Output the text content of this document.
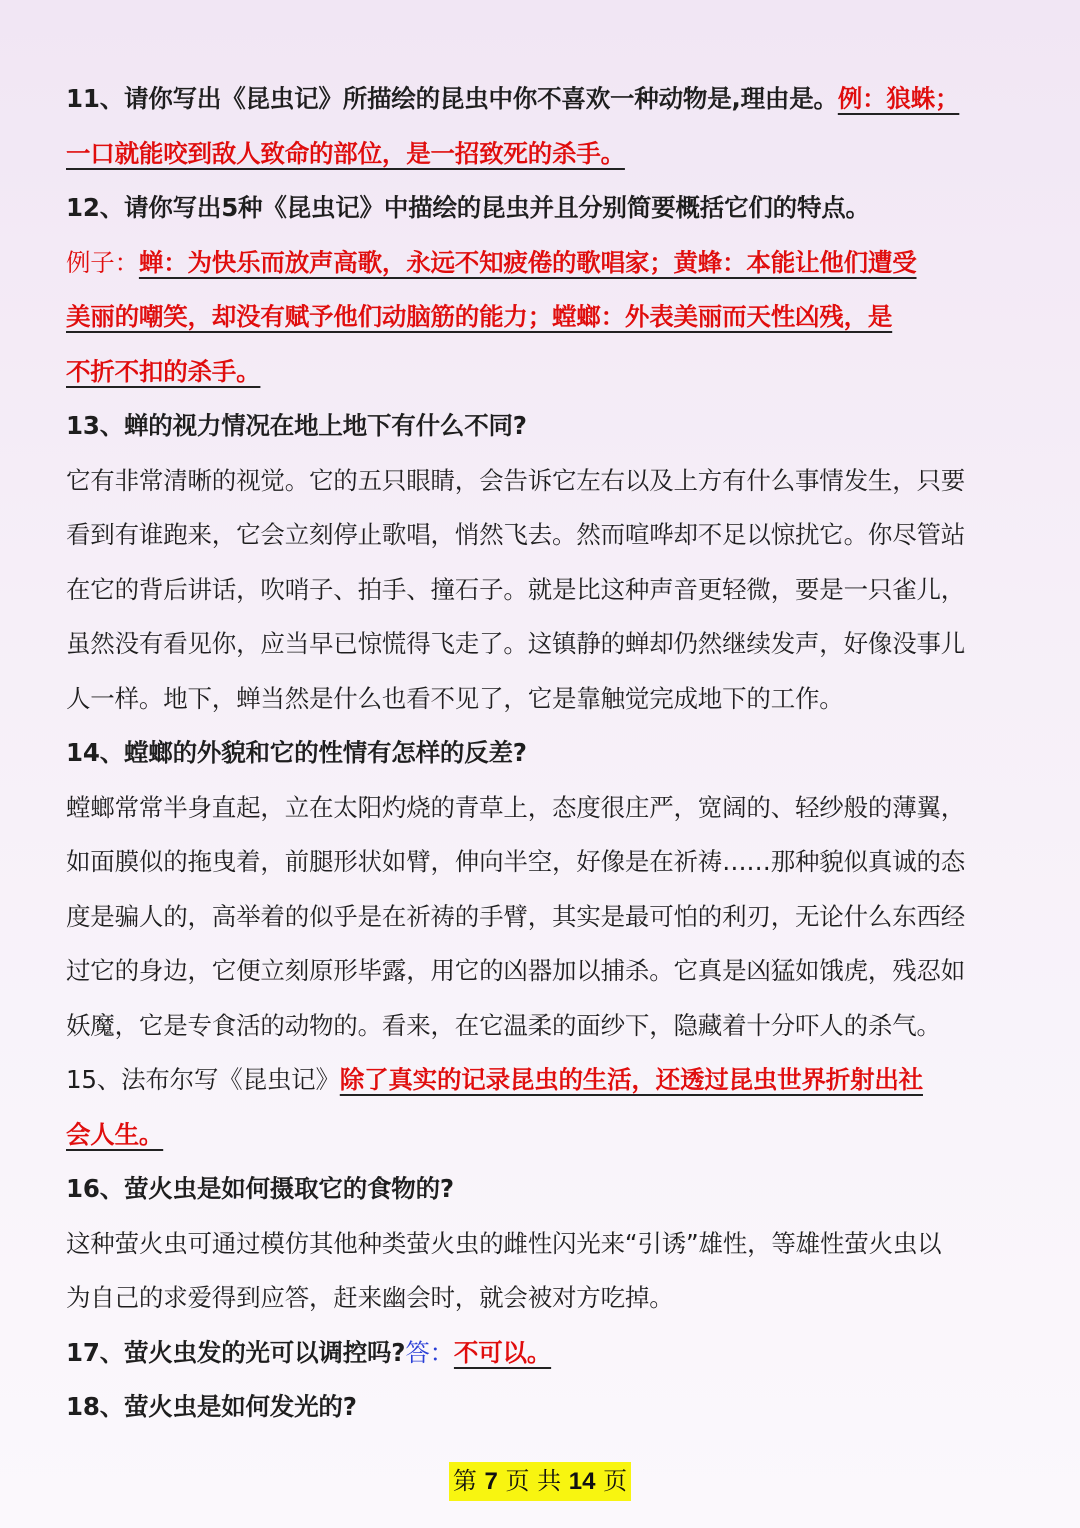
11、请你写出《昆虫记》所描绘的昆虫中你不喜欢一种动物是,理由是。例：狼蛛；
一口就能咬到敌人致命的部位，是一招致死的杀手。
12、请你写出5种《昆虫记》中描绘的昆虫并且分别简要概括它们的特点。
例子：蝉：为快乐而放声高歌，永远不知疲倦的歌唱家；黄蜂：本能让他们遭受
美丽的嘲笑，却没有赋予他们动脑筋的能力；螳螂：外表美丽而天性凶残，是
不折不扣的杀手。
13、蝉的视力情况在地上地下有什么不同?
它有非常清晰的视觉。它的五只眼睛，会告诉它左右以及上方有什么事情发生，只要
看到有谁跑来，它会立刻停止歌唱，悄然飞去。然而喧哗却不足以惊扰它。你尽管站
在它的背后讲话，吹哨子、拍手、撞石子。就是比这种声音更轻微，要是一只雀儿，
虽然没有看见你，应当早已惊慌得飞走了。这镇静的蝉却仍然继续发声，好像没事儿
人一样。地下，蝉当然是什么也看不见了，它是靠触觉完成地下的工作。
14、螳螂的外貌和它的性情有怎样的反差?
螳螂常常半身直起，立在太阳灼烧的青草上，态度很庄严，宽阔的、轻纱般的薄翼，
如面膜似的拖曳着，前腿形状如臂，伸向半空，好像是在祈祷……那种貌似真诚的态
度是骗人的，高举着的似乎是在祈祷的手臂，其实是最可怕的利刃，无论什么东西经
过它的身边，它便立刻原形毕露，用它的凶器加以捕杀。它真是凶猛如饿虎，残忍如
妖魔，它是专食活的动物的。看来，在它温柔的面纱下，隐藏着十分吓人的杀气。
15、法布尔写《昆虫记》除了真实的记录昆虫的生活，还透过昆虫世界折射出社
会人生。
16、萤火虫是如何摄取它的食物的?
这种萤火虫可通过模仿其他种类萤火虫的雌性闪光来“引诱”雄性，等雄性萤火虫以
为自己的求爱得到应答，赶来幽会时，就会被对方吃掉。
17、萤火虫发的光可以调控吗?答：不可以。
18、萤火虫是如何发光的?
第 7 页 共 14 页
